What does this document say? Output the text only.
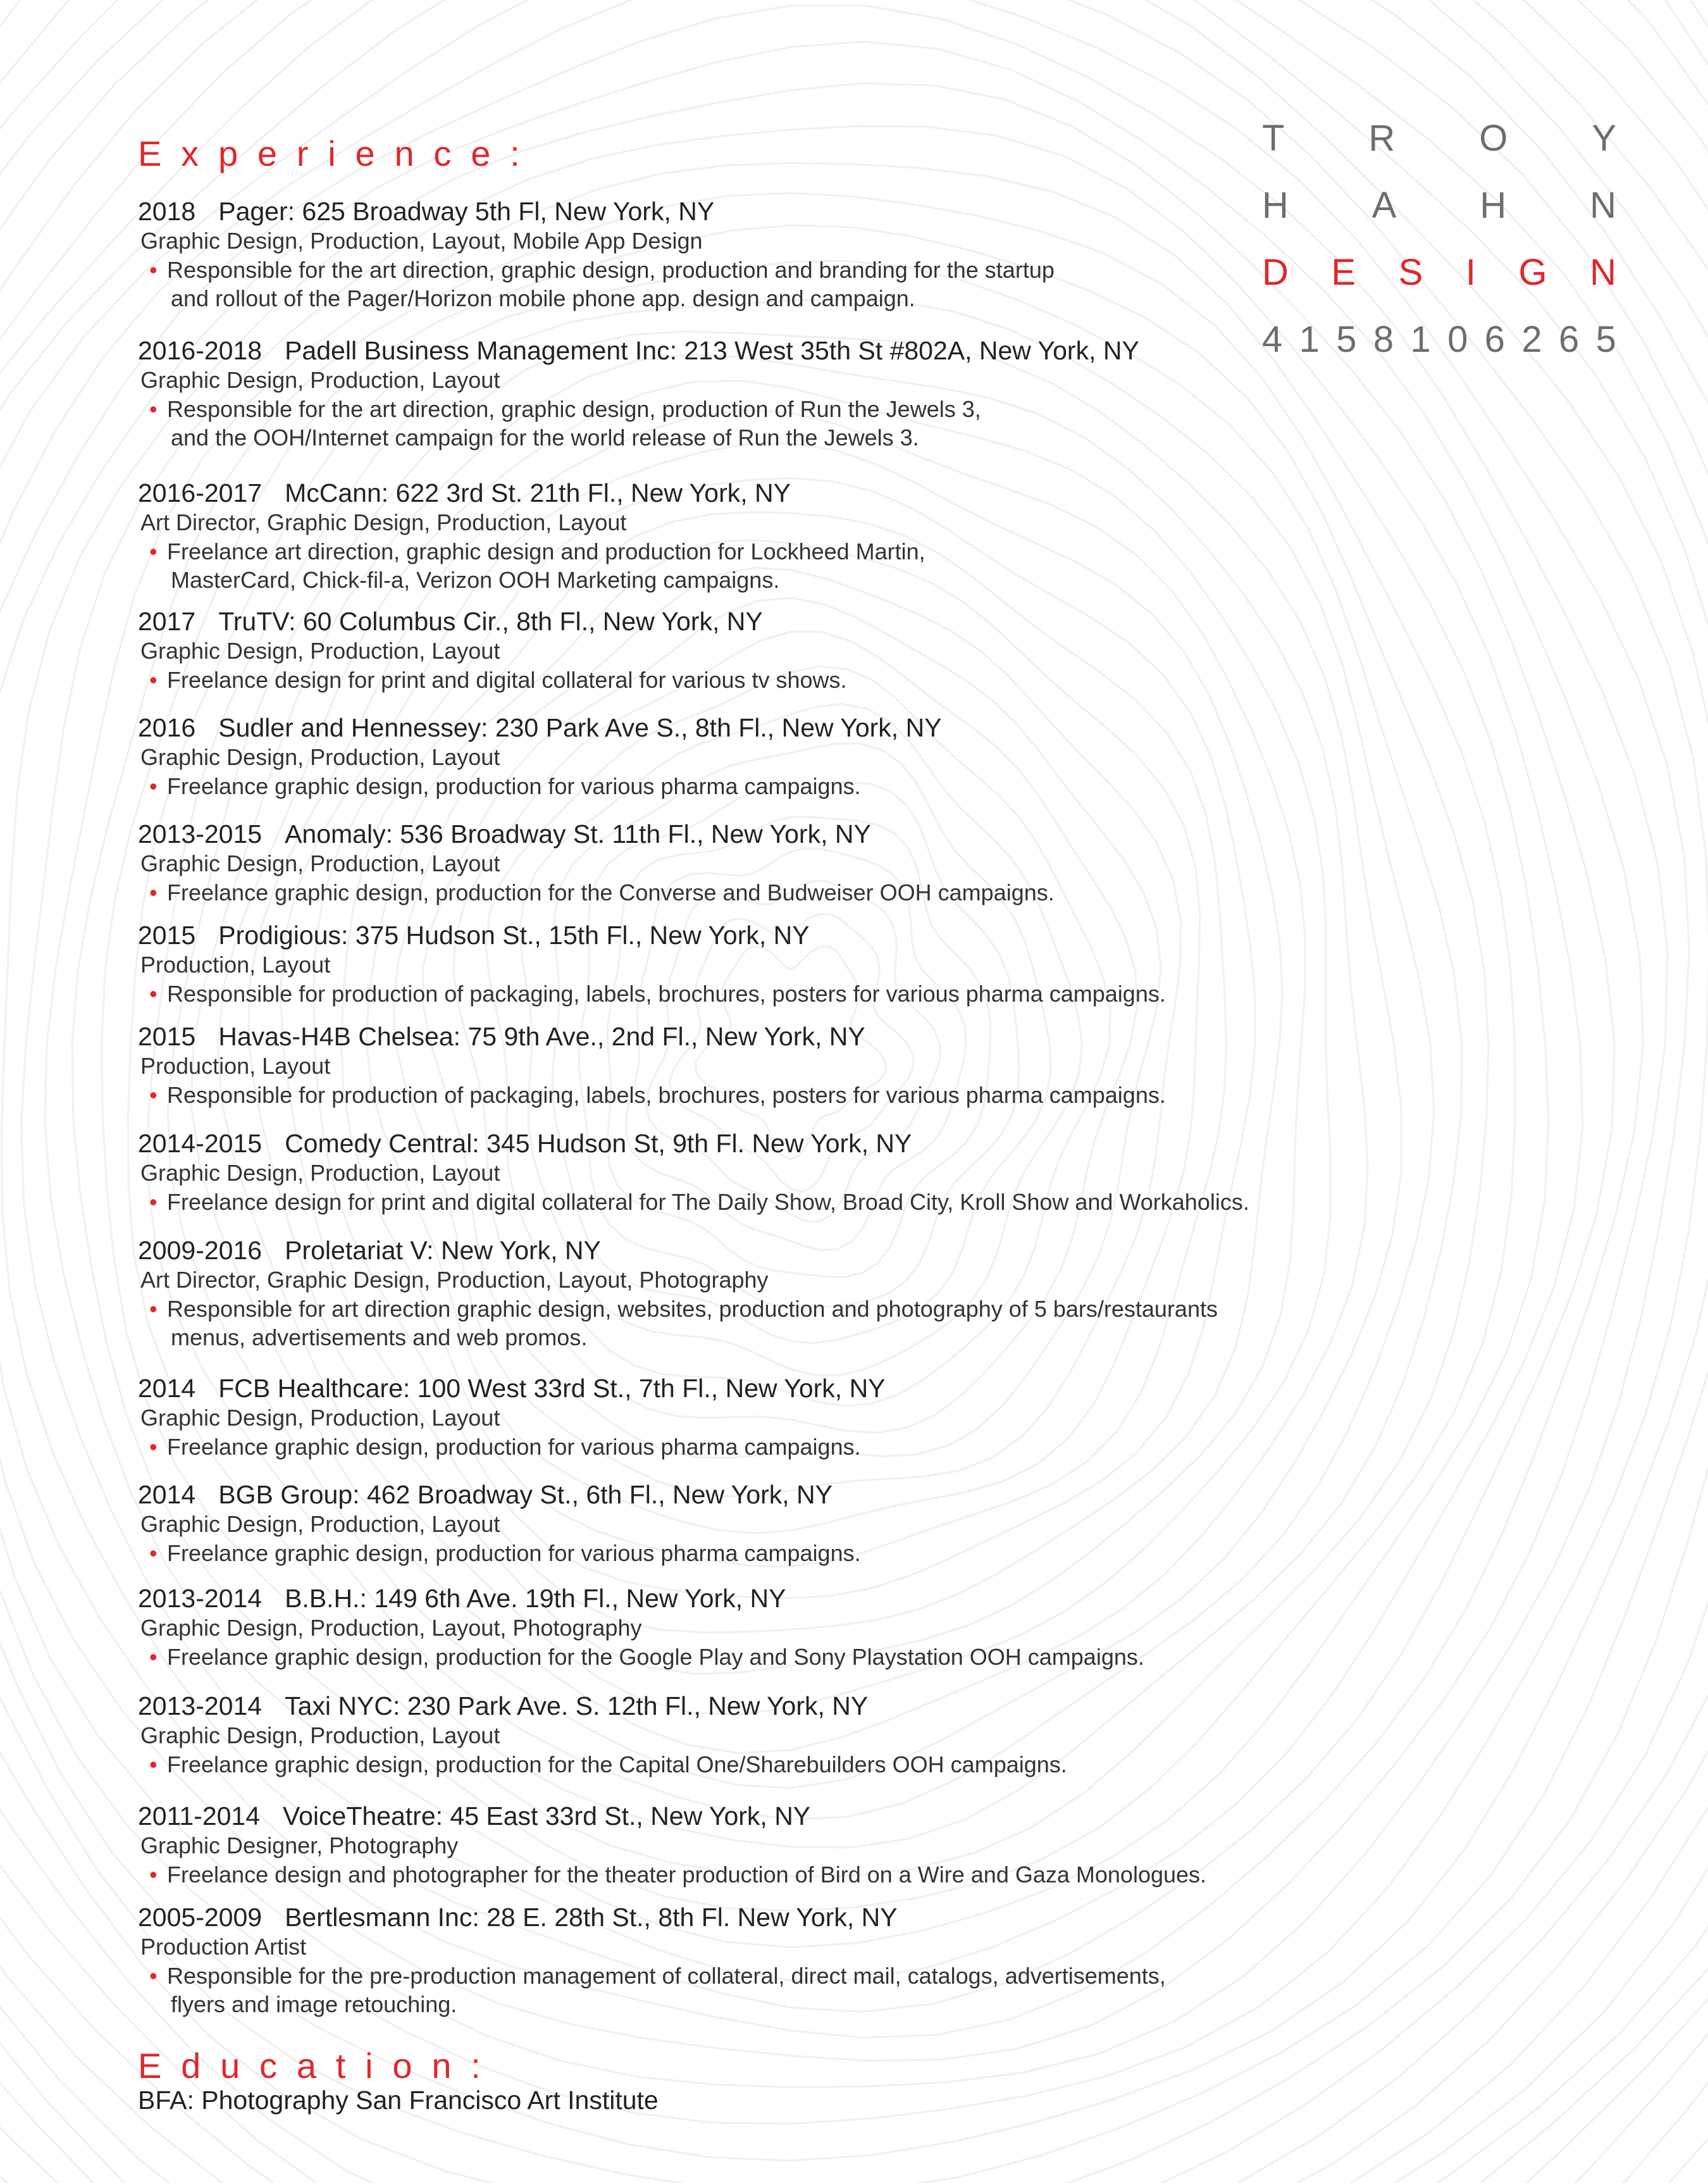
T R O Y
H A H N
D E S I G N
4 1 5 8 1 0 6 2 6 5
Experience:
2018 Pager: 625 Broadway 5th Fl, New York, NY
Graphic Design, Production, Layout, Mobile App Design
• Responsible for the art direction, graphic design, production and branding for the startup
and rollout of the Pager/Horizon mobile phone app. design and campaign.
2016-2018 Padell Business Management Inc: 213 West 35th St #802A, New York, NY
Graphic Design, Production, Layout
• Responsible for the art direction, graphic design, production of Run the Jewels 3,
and the OOH/Internet campaign for the world release of Run the Jewels 3.
2016-2017 McCann: 622 3rd St. 21th Fl., New York, NY
Art Director, Graphic Design, Production, Layout
• Freelance art direction, graphic design and production for Lockheed Martin,
MasterCard, Chick-fil-a, Verizon OOH Marketing campaigns.
2017 TruTV: 60 Columbus Cir., 8th Fl., New York, NY
Graphic Design, Production, Layout
• Freelance design for print and digital collateral for various tv shows.
2016 Sudler and Hennessey: 230 Park Ave S., 8th Fl., New York, NY
Graphic Design, Production, Layout
• Freelance graphic design, production for various pharma campaigns.
2013-2015 Anomaly: 536 Broadway St. 11th Fl., New York, NY
Graphic Design, Production, Layout
• Freelance graphic design, production for the Converse and Budweiser OOH campaigns.
2015 Prodigious: 375 Hudson St., 15th Fl., New York, NY
Production, Layout
• Responsible for production of packaging, labels, brochures, posters for various pharma campaigns.
2015 Havas-H4B Chelsea: 75 9th Ave., 2nd Fl., New York, NY
Production, Layout
• Responsible for production of packaging, labels, brochures, posters for various pharma campaigns.
2014-2015 Comedy Central: 345 Hudson St, 9th Fl. New York, NY
Graphic Design, Production, Layout
• Freelance design for print and digital collateral for The Daily Show, Broad City, Kroll Show and Workaholics.
2009-2016 Proletariat V: New York, NY
Art Director, Graphic Design, Production, Layout, Photography
• Responsible for art direction graphic design, websites, production and photography of 5 bars/restaurants
menus, advertisements and web promos.
2014 FCB Healthcare: 100 West 33rd St., 7th Fl., New York, NY
Graphic Design, Production, Layout
• Freelance graphic design, production for various pharma campaigns.
2014 BGB Group: 462 Broadway St., 6th Fl., New York, NY
Graphic Design, Production, Layout
• Freelance graphic design, production for various pharma campaigns.
2013-2014 B.B.H.: 149 6th Ave. 19th Fl., New York, NY
Graphic Design, Production, Layout, Photography
• Freelance graphic design, production for the Google Play and Sony Playstation OOH campaigns.
2013-2014 Taxi NYC: 230 Park Ave. S. 12th Fl., New York, NY
Graphic Design, Production, Layout
• Freelance graphic design, production for the Capital One/Sharebuilders OOH campaigns.
2011-2014 VoiceTheatre: 45 East 33rd St., New York, NY
Graphic Designer, Photography
• Freelance design and photographer for the theater production of Bird on a Wire and Gaza Monologues.
2005-2009 Bertlesmann Inc: 28 E. 28th St., 8th Fl. New York, NY
Production Artist
• Responsible for the pre-production management of collateral, direct mail, catalogs, advertisements,
flyers and image retouching.
Education:
BFA: Photography San Francisco Art Institute
